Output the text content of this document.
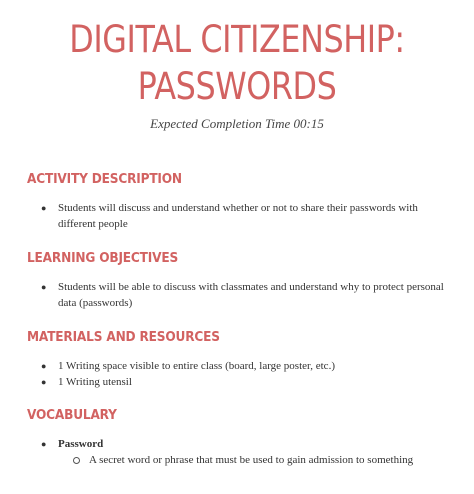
DIGITAL CITIZENSHIP:
PASSWORDS
Expected Completion Time 00:15
ACTIVITY DESCRIPTION
● Students will discuss and understand whether or not to share their passwords with different people
LEARNING OBJECTIVES
● Students will be able to discuss with classmates and understand why to protect personal data (passwords)
MATERIALS AND RESOURCES
● 1 Writing space visible to entire class (board, large poster, etc.)
● 1 Writing utensil
VOCABULARY
● Password
A secret word or phrase that must be used to gain admission to something
